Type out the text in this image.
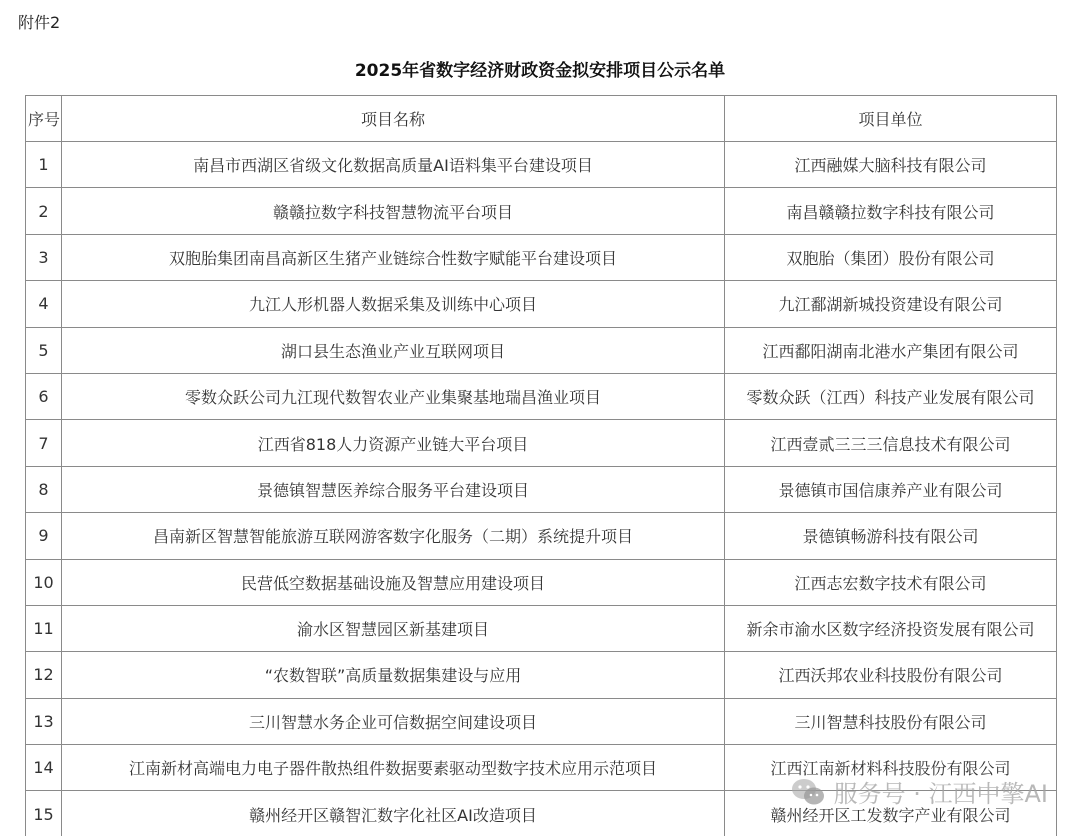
附件2
2025年省数字经济财政资金拟安排项目公示名单
序号	项目名称	项目单位
1	南昌市西湖区省级文化数据高质量AI语料集平台建设项目	江西融媒大脑科技有限公司
2	赣赣拉数字科技智慧物流平台项目	南昌赣赣拉数字科技有限公司
3	双胞胎集团南昌高新区生猪产业链综合性数字赋能平台建设项目	双胞胎（集团）股份有限公司
4	九江人形机器人数据采集及训练中心项目	九江鄱湖新城投资建设有限公司
5	湖口县生态渔业产业互联网项目	江西鄱阳湖南北港水产集团有限公司
6	零数众跃公司九江现代数智农业产业集聚基地瑞昌渔业项目	零数众跃（江西）科技产业发展有限公司
7	江西省818人力资源产业链大平台项目	江西壹贰三三三信息技术有限公司
8	景德镇智慧医养综合服务平台建设项目	景德镇市国信康养产业有限公司
9	昌南新区智慧智能旅游互联网游客数字化服务（二期）系统提升项目	景德镇畅游科技有限公司
10	民营低空数据基础设施及智慧应用建设项目	江西志宏数字技术有限公司
11	渝水区智慧园区新基建项目	新余市渝水区数字经济投资发展有限公司
12	“农数智联”高质量数据集建设与应用	江西沃邦农业科技股份有限公司
13	三川智慧水务企业可信数据空间建设项目	三川智慧科技股份有限公司
14	江南新材高端电力电子器件散热组件数据要素驱动型数字技术应用示范项目	江西江南新材料科技股份有限公司
15	赣州经开区赣智汇数字化社区AI改造项目	赣州经开区工发数字产业有限公司
服务号 · 江西中擎AI
